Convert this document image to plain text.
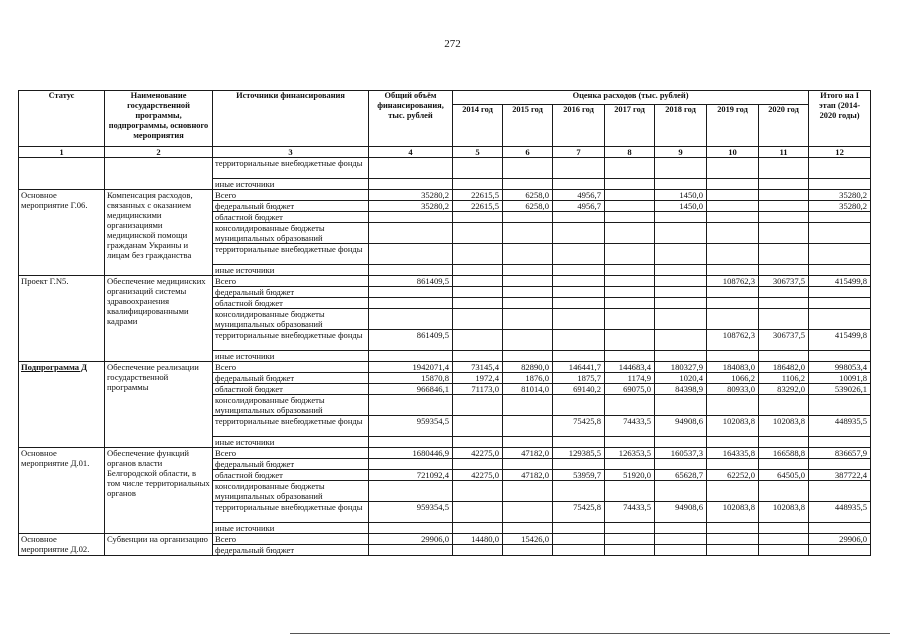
272
Статус	Наименование государственной программы, подпрограммы, основного мероприятия	Источники финансирования	Общий объём финансирования, тыс. рублей	Оценка расходов (тыс. рублей)							Итого на I этап (2014-2020 годы)
				2014 год	2015 год	2016 год	2017 год	2018 год	2019 год	2020 год	
1	2	3	4	5	6	7	8	9	10	11	12
		территориальные внебюджетные фонды									
		иные источники									
Основное мероприятие Г.06.	Компенсация расходов, связанных с оказанием медицинскими организациями медицинской помощи гражданам Украины и лицам без гражданства	Всего	35280,2	22615,5	6258,0	4956,7		1450,0			35280,2
		федеральный бюджет	35280,2	22615,5	6258,0	4956,7		1450,0			35280,2
		областной бюджет									
		консолидированные бюджеты муниципальных образований									
		территориальные внебюджетные фонды									
		иные источники									
Проект Г.N5.	Обеспечение медицинских организаций системы здравоохранения квалифицированными кадрами	Всего	861409,5						108762,3	306737,5	415499,8
		федеральный бюджет									
		областной бюджет									
		консолидированные бюджеты муниципальных образований									
		территориальные внебюджетные фонды	861409,5						108762,3	306737,5	415499,8
		иные источники									
Подпрограмма Д	Обеспечение реализации государственной программы	Всего	1942071,4	73145,4	82890,0	146441,7	144683,4	180327,9	184083,0	186482,0	998053,4
		федеральный бюджет	15870,8	1972,4	1876,0	1875,7	1174,9	1020,4	1066,2	1106,2	10091,8
		областной бюджет	966846,1	71173,0	81014,0	69140,2	69075,0	84398,9	80933,0	83292,0	539026,1
		консолидированные бюджеты муниципальных образований									
		территориальные внебюджетные фонды	959354,5			75425,8	74433,5	94908,6	102083,8	102083,8	448935,5
		иные источники									
Основное мероприятие Д.01.	Обеспечение функций органов власти Белгородской области, в том числе территориальных органов	Всего	1680446,9	42275,0	47182,0	129385,5	126353,5	160537,3	164335,8	166588,8	836657,9
		федеральный бюджет									
		областной бюджет	721092,4	42275,0	47182,0	53959,7	51920,0	65628,7	62252,0	64505,0	387722,4
		консолидированные бюджеты муниципальных образований									
		территориальные внебюджетные фонды	959354,5			75425,8	74433,5	94908,6	102083,8	102083,8	448935,5
		иные источники									
Основное мероприятие Д.02.	Субвенции на организацию	Всего	29906,0	14480,0	15426,0						29906,0
		федеральный бюджет									
